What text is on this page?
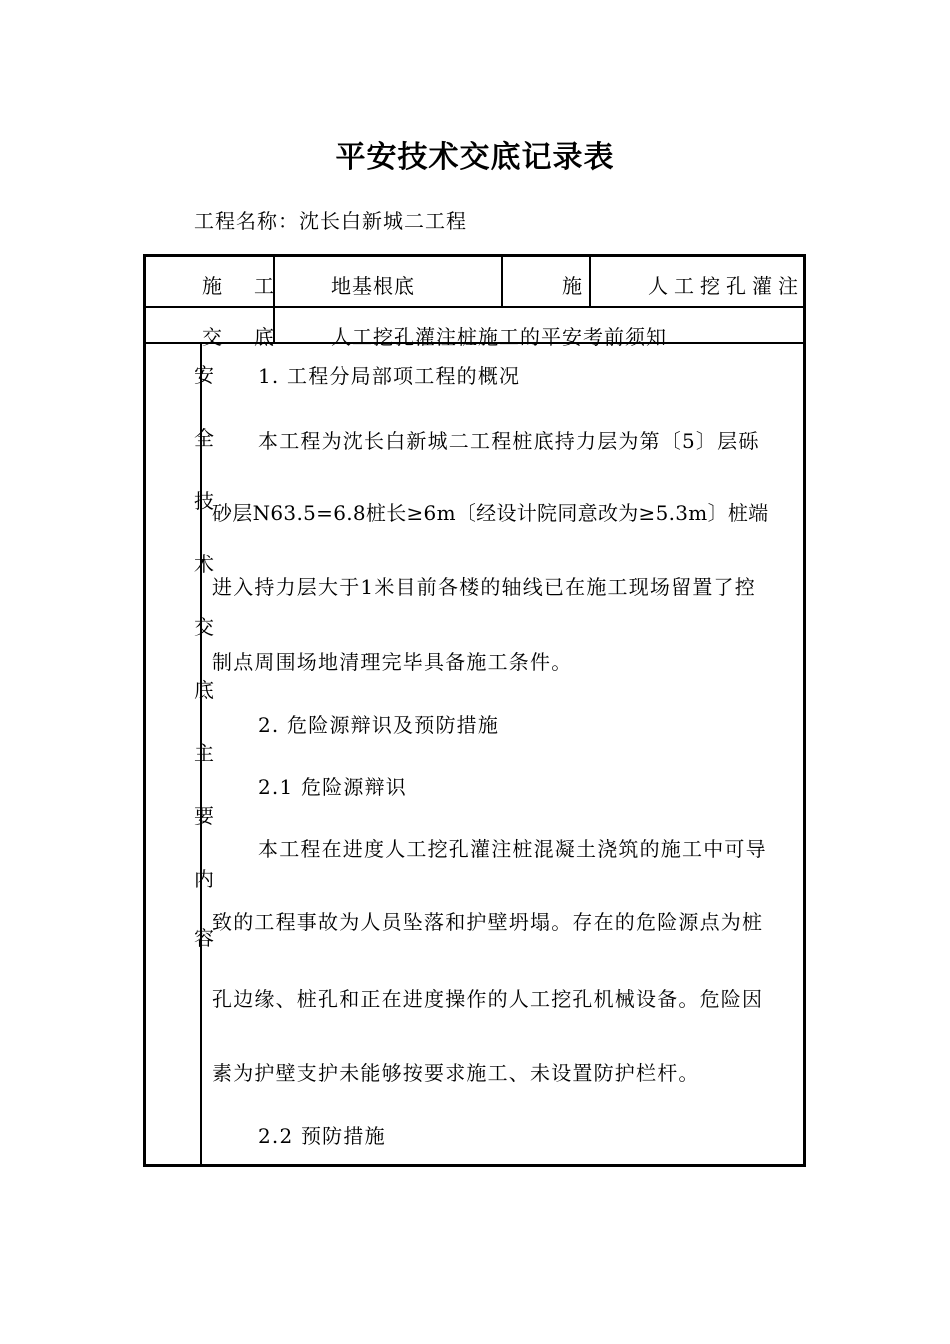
平安技术交底记录表
工程名称：沈长白新城二工程
施　工	地基根底	施	人工挖孔灌注
交　底	人工挖孔灌注桩施工的平安考前须知
安
全
技
术
交
底
主
要
内
容
1. 工程分局部项工程的概况
本工程为沈长白新城二工程桩底持力层为第〔5〕层砾
砂层N63.5=6.8桩长≥6m〔经设计院同意改为≥5.3m〕桩端
进入持力层大于1米目前各楼的轴线已在施工现场留置了控
制点周围场地清理完毕具备施工条件。
2. 危险源辩识及预防措施
2.1 危险源辩识
本工程在进度人工挖孔灌注桩混凝土浇筑的施工中可导
致的工程事故为人员坠落和护壁坍塌。存在的危险源点为桩
孔边缘、桩孔和正在进度操作的人工挖孔机械设备。危险因
素为护壁支护未能够按要求施工、未设置防护栏杆。
2.2 预防措施
